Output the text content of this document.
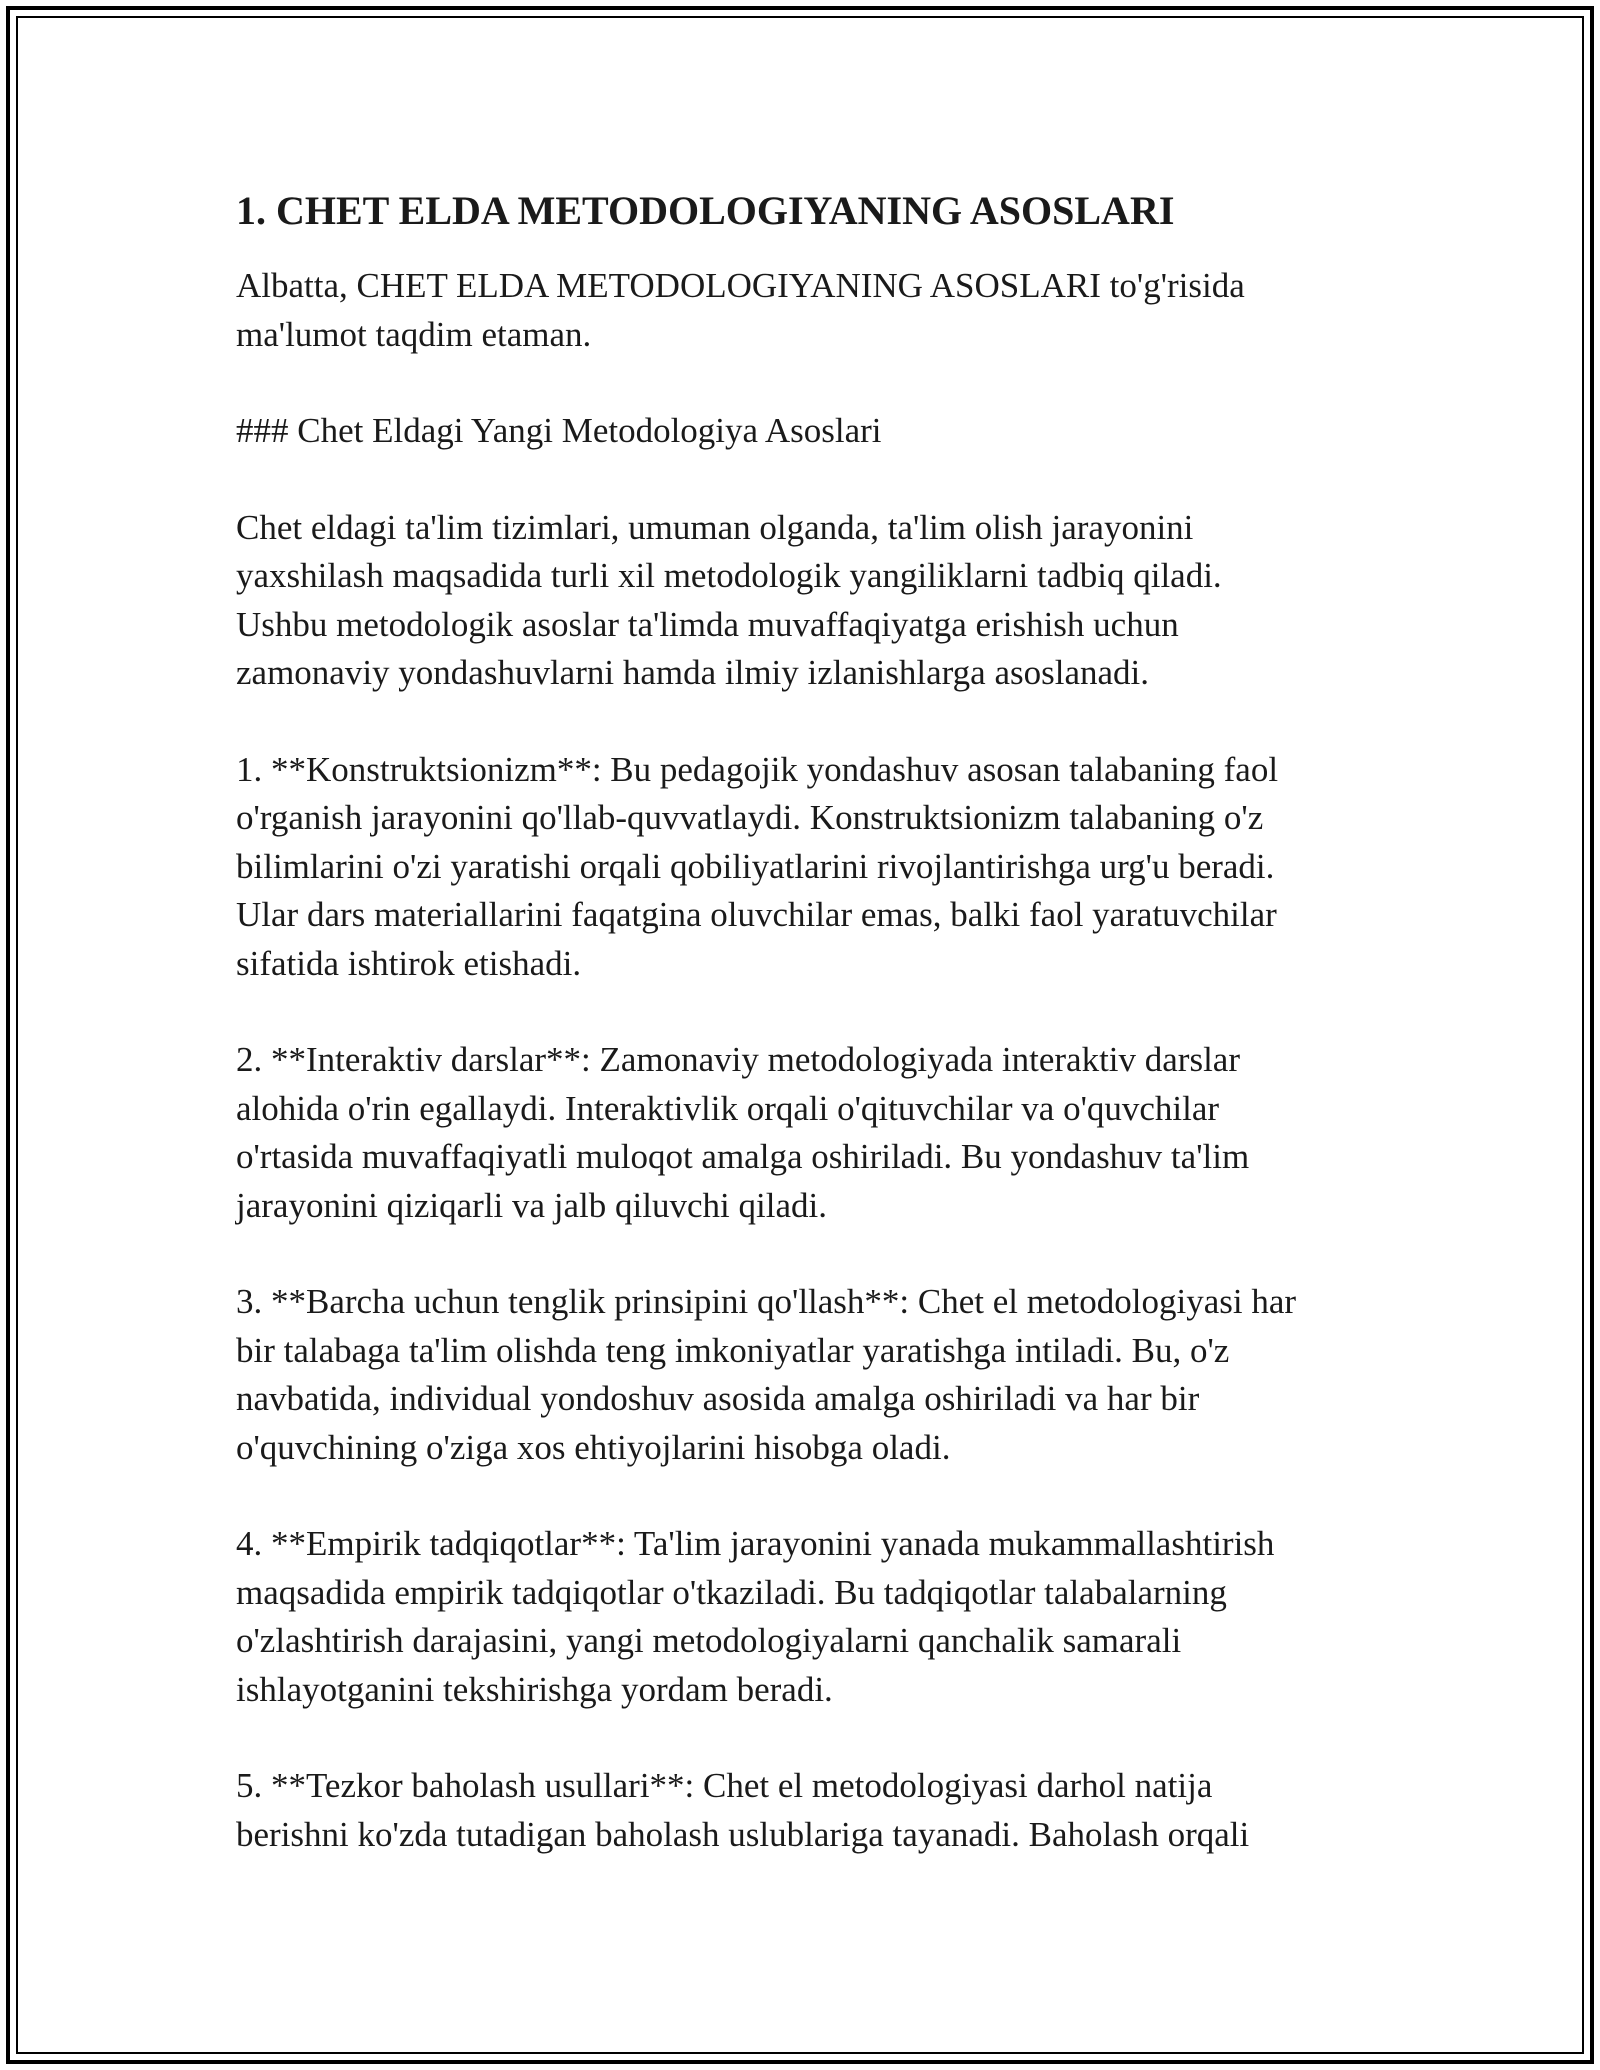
1. CHET ELDA METODOLOGIYANING ASOSLARI
Albatta, CHET ELDA METODOLOGIYANING ASOSLARI to'g'risida
ma'lumot taqdim etaman.
### Chet Eldagi Yangi Metodologiya Asoslari
Chet eldagi ta'lim tizimlari, umuman olganda, ta'lim olish jarayonini
yaxshilash maqsadida turli xil metodologik yangiliklarni tadbiq qiladi.
Ushbu metodologik asoslar ta'limda muvaffaqiyatga erishish uchun
zamonaviy yondashuvlarni hamda ilmiy izlanishlarga asoslanadi.
1. **Konstruktsionizm**: Bu pedagojik yondashuv asosan talabaning faol
o'rganish jarayonini qo'llab-quvvatlaydi. Konstruktsionizm talabaning o'z
bilimlarini o'zi yaratishi orqali qobiliyatlarini rivojlantirishga urg'u beradi.
Ular dars materiallarini faqatgina oluvchilar emas, balki faol yaratuvchilar
sifatida ishtirok etishadi.
2. **Interaktiv darslar**: Zamonaviy metodologiyada interaktiv darslar
alohida o'rin egallaydi. Interaktivlik orqali o'qituvchilar va o'quvchilar
o'rtasida muvaffaqiyatli muloqot amalga oshiriladi. Bu yondashuv ta'lim
jarayonini qiziqarli va jalb qiluvchi qiladi.
3. **Barcha uchun tenglik prinsipini qo'llash**: Chet el metodologiyasi har
bir talabaga ta'lim olishda teng imkoniyatlar yaratishga intiladi. Bu, o'z
navbatida, individual yondoshuv asosida amalga oshiriladi va har bir
o'quvchining o'ziga xos ehtiyojlarini hisobga oladi.
4. **Empirik tadqiqotlar**: Ta'lim jarayonini yanada mukammallashtirish
maqsadida empirik tadqiqotlar o'tkaziladi. Bu tadqiqotlar talabalarning
o'zlashtirish darajasini, yangi metodologiyalarni qanchalik samarali
ishlayotganini tekshirishga yordam beradi.
5. **Tezkor baholash usullari**: Chet el metodologiyasi darhol natija
berishni ko'zda tutadigan baholash uslublariga tayanadi. Baholash orqali
